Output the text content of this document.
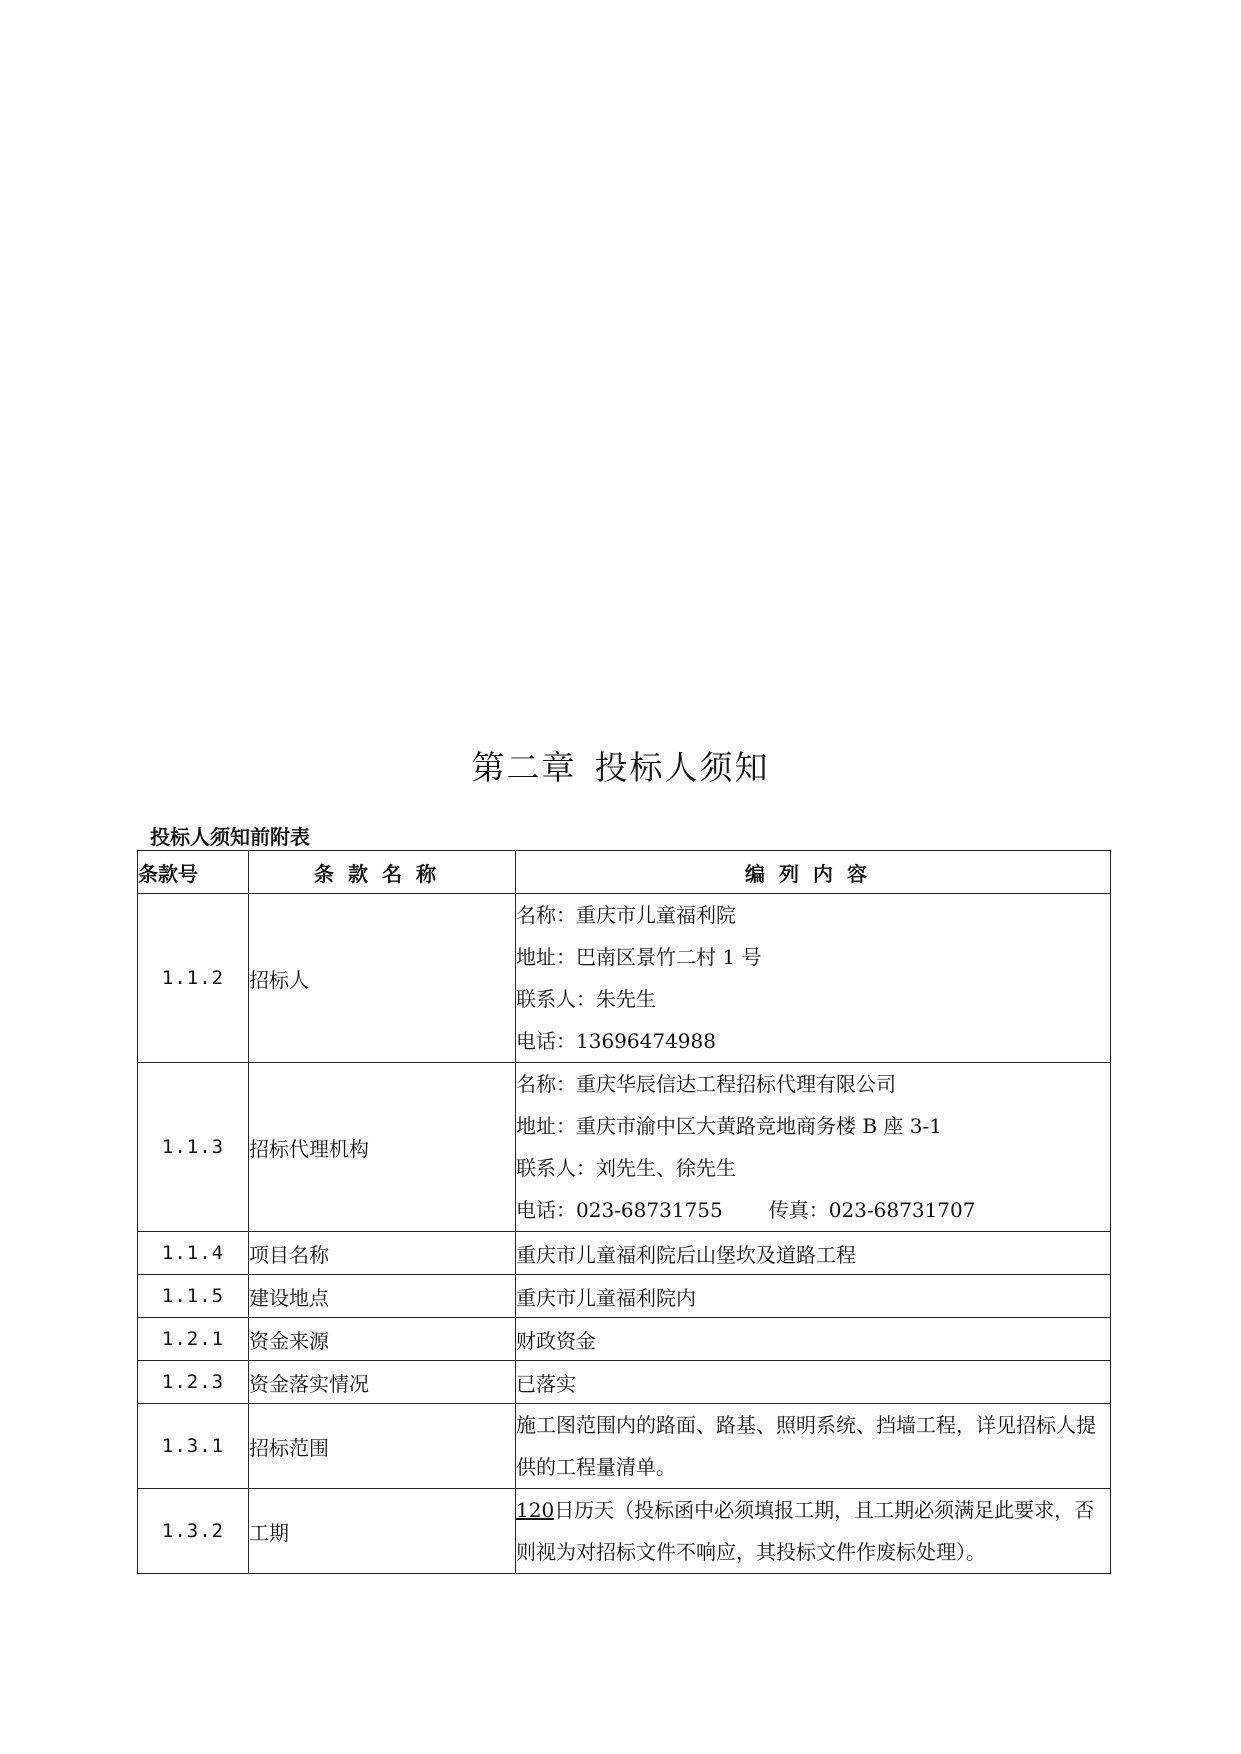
第二章 投标人须知
投标人须知前附表
条款号	条款名称	编列内容
1.1.2	招标人	名称：重庆市儿童福利院
地址：巴南区景竹二村 1 号
联系人：朱先生
电话：13696474988

1.1.3	招标代理机构	名称：重庆华辰信达工程招标代理有限公司
地址：重庆市渝中区大黄路竞地商务楼 B 座 3-1
联系人：刘先生、徐先生
电话：023-68731755 传真：023-68731707

1.1.4	项目名称	重庆市儿童福利院后山堡坎及道路工程
1.1.5	建设地点	重庆市儿童福利院内
1.2.1	资金来源	财政资金
1.2.3	资金落实情况	已落实
1.3.1	招标范围	施工图范围内的路面、路基、照明系统、挡墙工程，详见招标人提供的工程量清单。

1.3.2	工期	120日历天（投标函中必须填报工期，且工期必须满足此要求，否则视为对招标文件不响应，其投标文件作废标处理）。
